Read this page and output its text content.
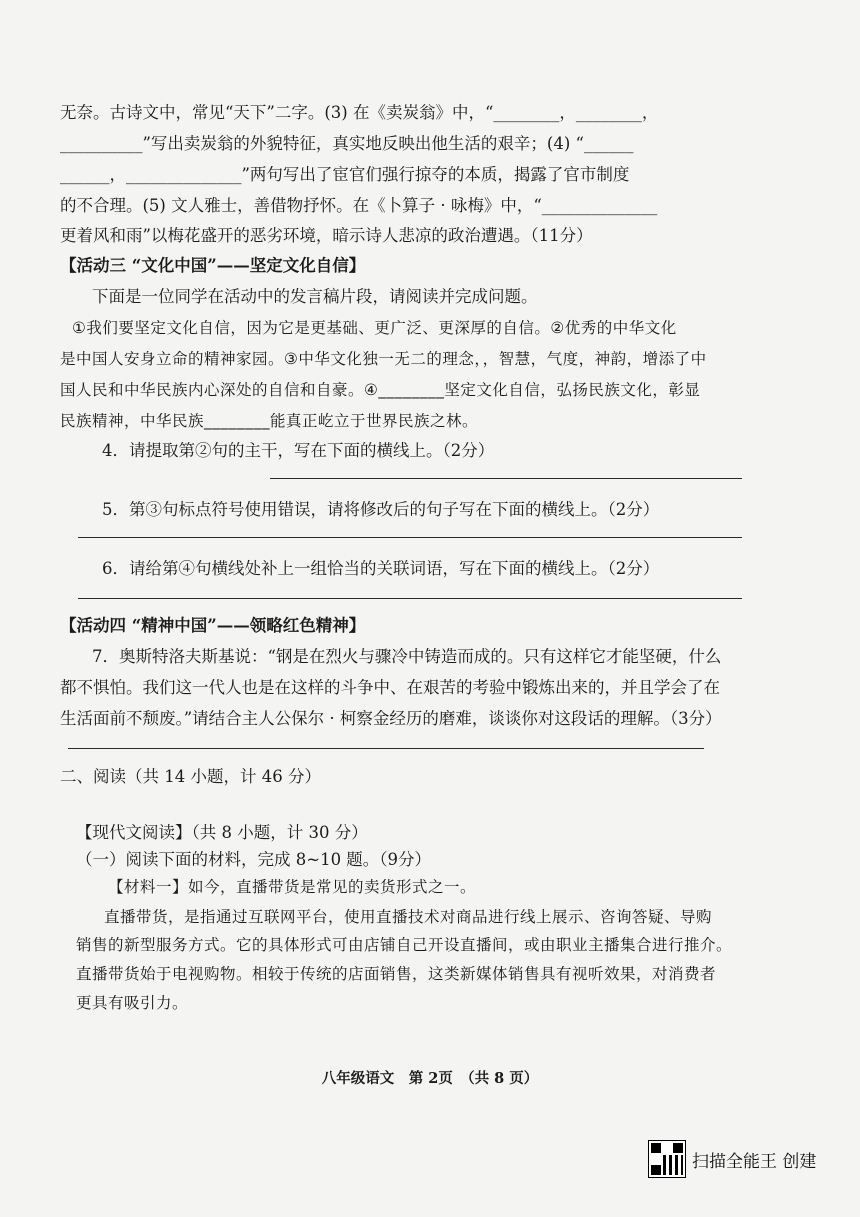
无奈。古诗文中，常见“天下”二字。(3) 在《卖炭翁》中，“________，________，
__________”写出卖炭翁的外貌特征，真实地反映出他生活的艰辛；(4) “______
______，______________”两句写出了宦官们强行掠夺的本质，揭露了官市制度
的不合理。(5) 文人雅士，善借物抒怀。在《卜算子 · 咏梅》中，“______________
更着风和雨”以梅花盛开的恶劣环境，暗示诗人悲凉的政治遭遇。（11分）
【活动三 “文化中国”——坚定文化自信】
下面是一位同学在活动中的发言稿片段，请阅读并完成问题。
①我们要坚定文化自信，因为它是更基础、更广泛、更深厚的自信。②优秀的中华文化
是中国人安身立命的精神家园。③中华文化独一无二的理念，，智慧，气度，神韵，增添了中
国人民和中华民族内心深处的自信和自豪。④________坚定文化自信，弘扬民族文化，彰显
民族精神，中华民族________能真正屹立于世界民族之林。
4．请提取第②句的主干，写在下面的横线上。（2分）
5．第③句标点符号使用错误，请将修改后的句子写在下面的横线上。（2分）
6．请给第④句横线处补上一组恰当的关联词语，写在下面的横线上。（2分）
【活动四 “精神中国”——领略红色精神】
7．奥斯特洛夫斯基说：“钢是在烈火与骤冷中铸造而成的。只有这样它才能坚硬，什么
都不惧怕。我们这一代人也是在这样的斗争中、在艰苦的考验中锻炼出来的，并且学会了在
生活面前不颓废。”请结合主人公保尔 · 柯察金经历的磨难，谈谈你对这段话的理解。（3分）
二、阅读（共 14 小题，计 46 分）
【现代文阅读】（共 8 小题，计 30 分）
（一）阅读下面的材料，完成 8~10 题。（9分）
【材料一】如今，直播带货是常见的卖货形式之一。
直播带货，是指通过互联网平台，使用直播技术对商品进行线上展示、咨询答疑、导购
销售的新型服务方式。它的具体形式可由店铺自己开设直播间，或由职业主播集合进行推介。
直播带货始于电视购物。相较于传统的店面销售，这类新媒体销售具有视听效果，对消费者
更具有吸引力。
八年级语文　第 2页　（共 8 页）
扫描全能王 创建
